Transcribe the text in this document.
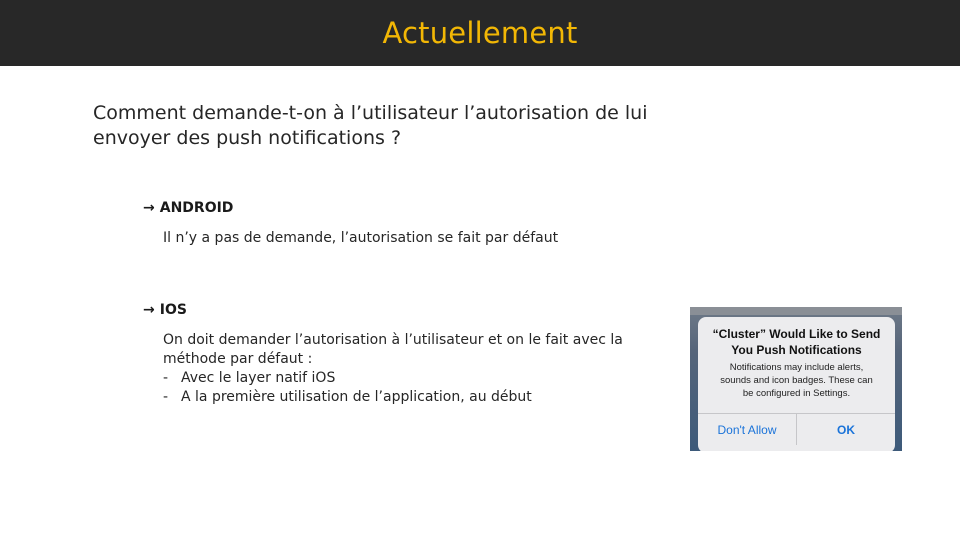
Actuellement
Comment demande-t-on à l’utilisateur l’autorisation de lui
envoyer des push notifications ?
→ ANDROID
Il n’y a pas de demande, l’autorisation se fait par défaut
→ IOS
On doit demander l’autorisation à l’utilisateur et on le fait avec la
méthode par défaut :
- Avec le layer natif iOS
- A la première utilisation de l’application, au début
“Cluster” Would Like to Send
You Push Notifications
Notifications may include alerts,
sounds and icon badges. These can
be configured in Settings.
Don't Allow	OK
